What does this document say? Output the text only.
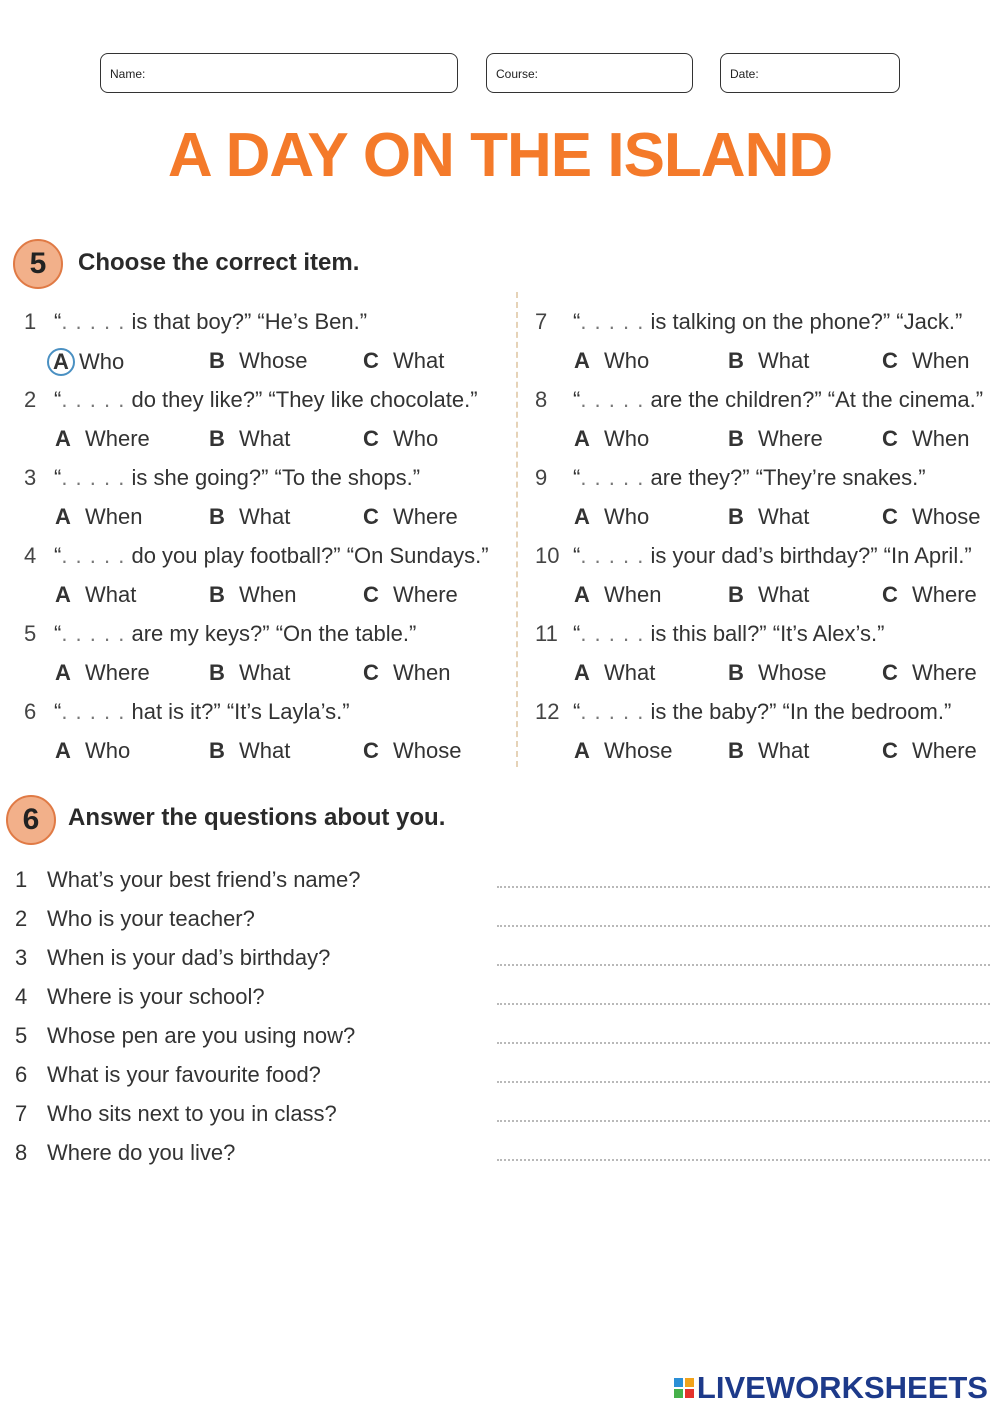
Name:	Course:	Date:
A DAY ON THE ISLAND
5	Choose the correct item.
1 “. . . . . is that boy?” “He’s Ben.”
A Who	B Whose	C What
2 “. . . . . do they like?” “They like chocolate.”
A Where	B What	C Who
3 “. . . . . is she going?” “To the shops.”
A When	B What	C Where
4 “. . . . . do you play football?” “On Sundays.”
A What	B When	C Where
5 “. . . . . are my keys?” “On the table.”
A Where	B What	C When
6 “. . . . . hat is it?” “It’s Layla’s.”
A Who	B What	C Whose
7 “. . . . . is talking on the phone?” “Jack.”
A Who	B What	C When
8 “. . . . . are the children?” “At the cinema.”
A Who	B Where	C When
9 “. . . . . are they?” “They’re snakes.”
A Who	B What	C Whose
10 “. . . . . is your dad’s birthday?” “In April.”
A When	B What	C Where
11 “. . . . . is this ball?” “It’s Alex’s.”
A What	B Whose	C Where
12 “. . . . . is the baby?” “In the bedroom.”
A Whose	B What	C Where
6	Answer the questions about you.
1 What’s your best friend’s name?
2 Who is your teacher?
3 When is your dad’s birthday?
4 Where is your school?
5 Whose pen are you using now?
6 What is your favourite food?
7 Who sits next to you in class?
8 Where do you live?
LIVEWORKSHEETS
